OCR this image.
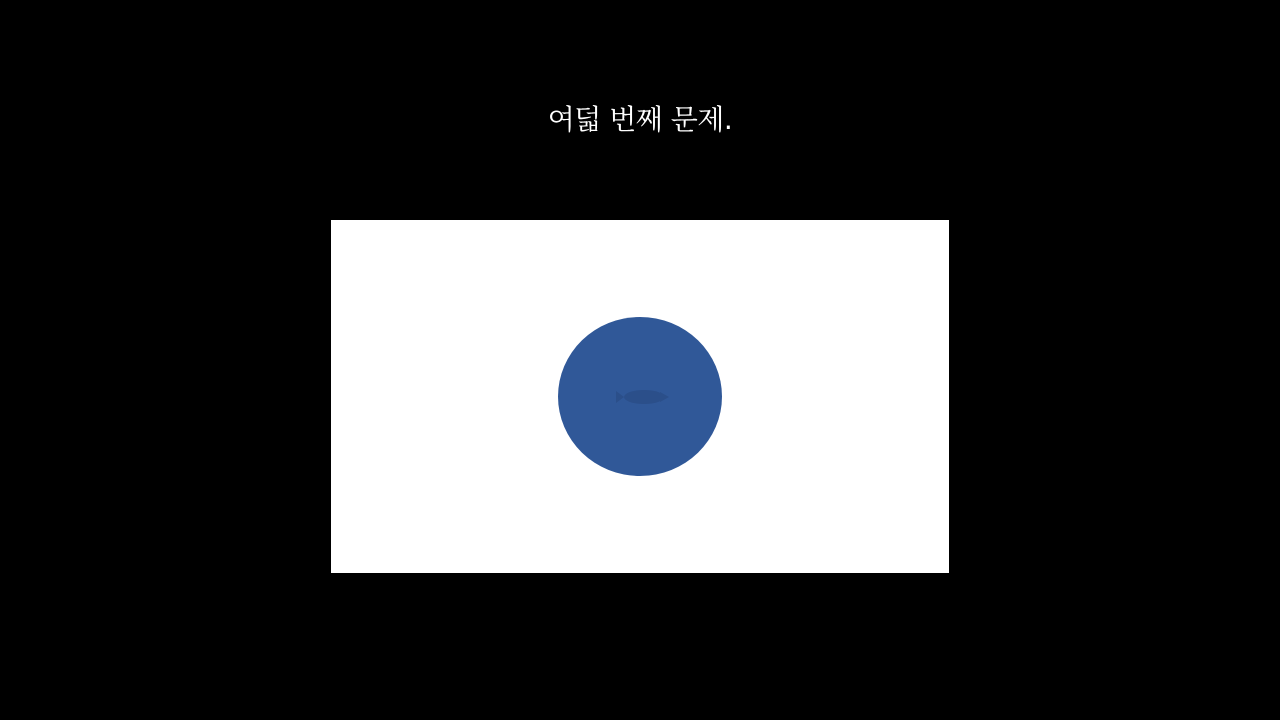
여덟 번째 문제.
